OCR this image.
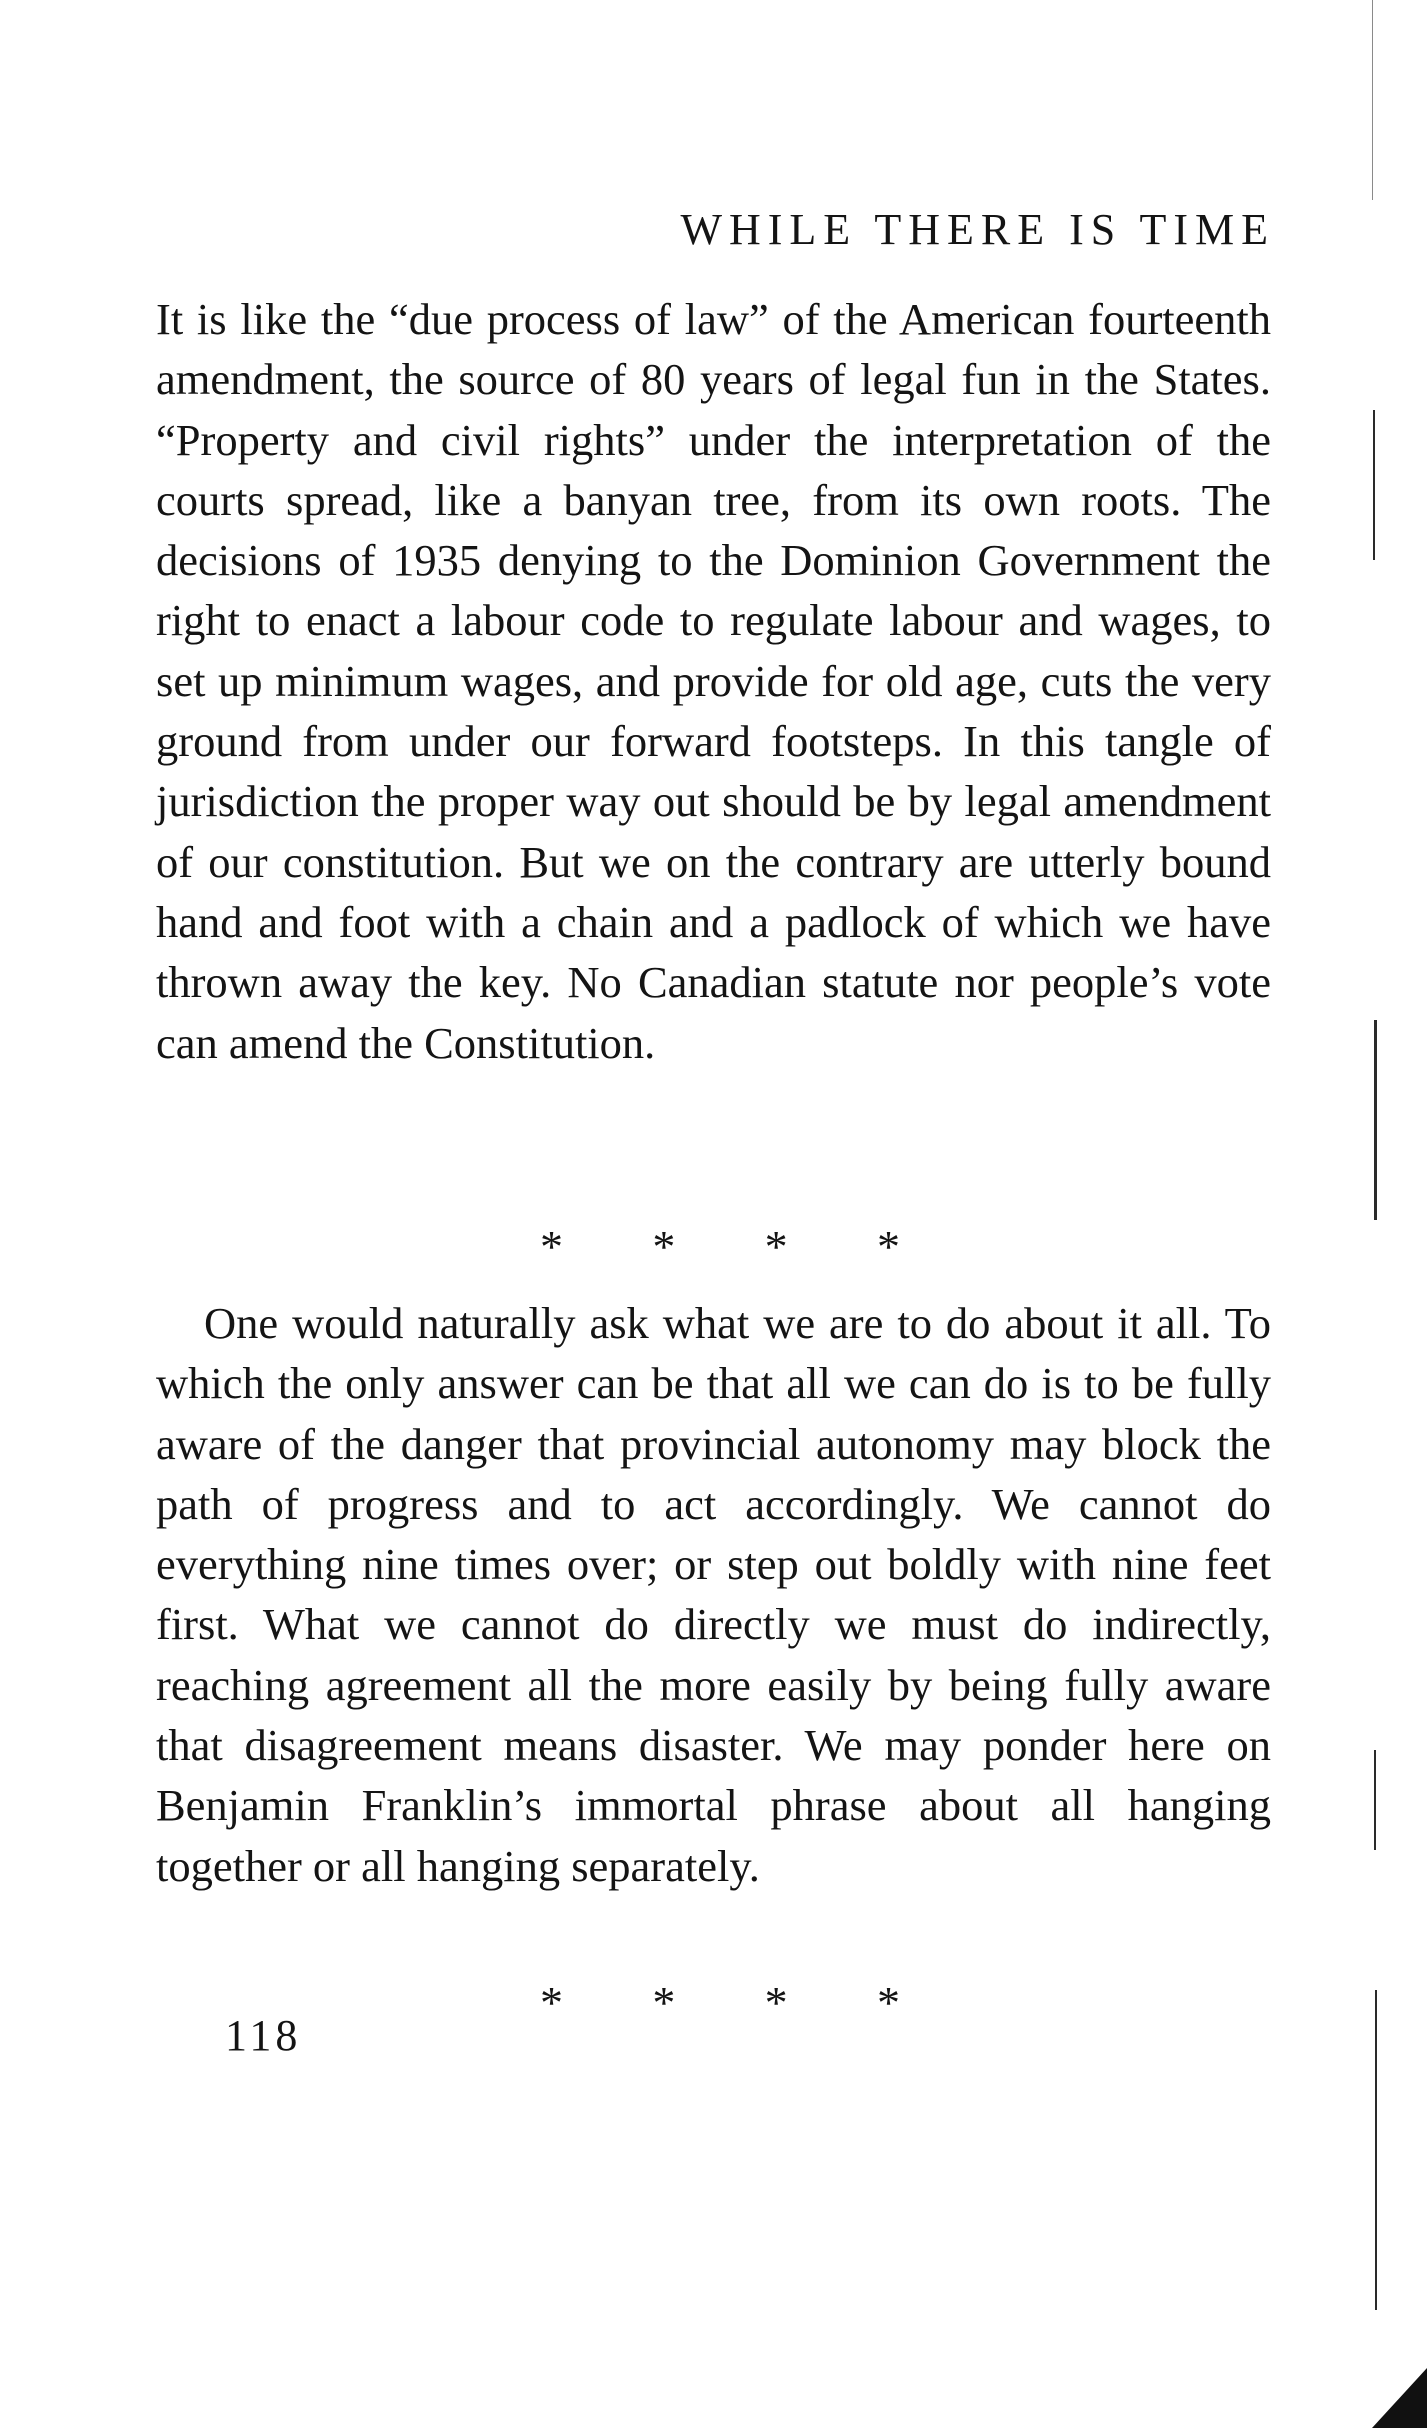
WHILE THERE IS TIME

It is like the “due process of law” of the American fourteenth amendment, the source of 80 years of legal fun in the States. “Property and civil rights” under the interpretation of the courts spread, like a banyan tree, from its own roots. The decisions of 1935 denying to the Dominion Government the right to enact a labour code to regulate labour and wages, to set up minimum wages, and provide for old age, cuts the very ground from under our forward footsteps. In this tangle of jurisdiction the proper way out should be by legal amendment of our constitution. But we on the contrary are utterly bound hand and foot with a chain and a padlock of which we have thrown away the key. No Canadian statute nor people’s vote can amend the Constitution.

* * * *

One would naturally ask what we are to do about it all. To which the only answer can be that all we can do is to be fully aware of the danger that provincial autonomy may block the path of progress and to act accordingly. We cannot do everything nine times over; or step out boldly with nine feet first. What we cannot do directly we must do indirectly, reaching agreement all the more easily by being fully aware that disagreement means disaster. We may ponder here on Benjamin Franklin’s immortal phrase about all hanging together or all hanging separately.

* * * *
118
